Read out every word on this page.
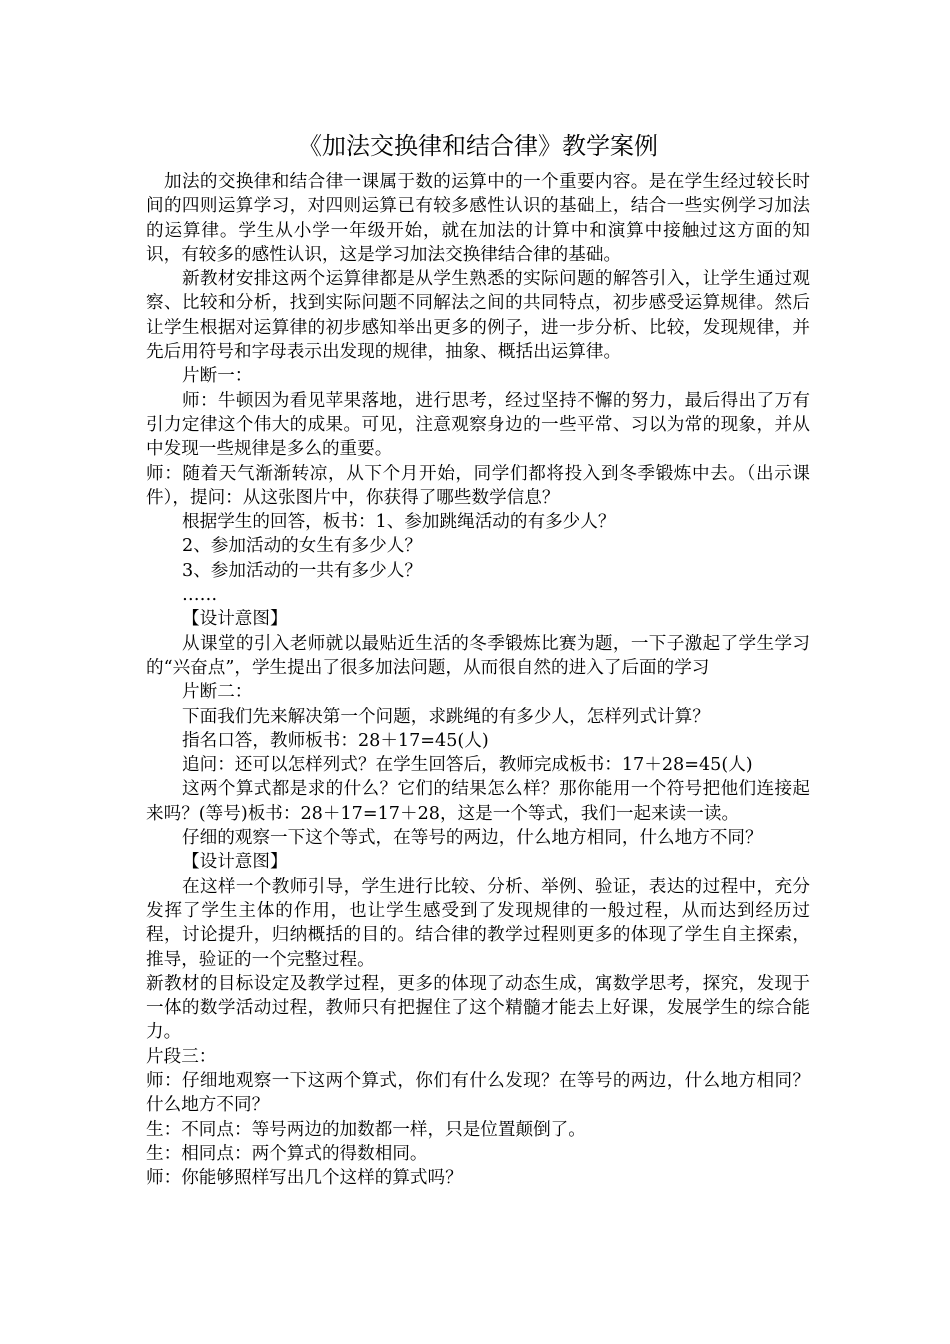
《加法交换律和结合律》教学案例

加法的交换律和结合律一课属于数的运算中的一个重要内容。是在学生经过较长时间的四则运算学习，对四则运算已有较多感性认识的基础上，结合一些实例学习加法的运算律。学生从小学一年级开始，就在加法的计算中和演算中接触过这方面的知识，有较多的感性认识，这是学习加法交换律结合律的基础。

新教材安排这两个运算律都是从学生熟悉的实际问题的解答引入，让学生通过观察、比较和分析，找到实际问题不同解法之间的共同特点，初步感受运算规律。然后让学生根据对运算律的初步感知举出更多的例子，进一步分析、比较，发现规律，并先后用符号和字母表示出发现的规律，抽象、概括出运算律。

片断一：

师：牛顿因为看见苹果落地，进行思考，经过坚持不懈的努力，最后得出了万有引力定律这个伟大的成果。可见，注意观察身边的一些平常、习以为常的现象，并从中发现一些规律是多么的重要。

师：随着天气渐渐转凉，从下个月开始，同学们都将投入到冬季锻炼中去。（出示课件），提问：从这张图片中，你获得了哪些数学信息？

根据学生的回答，板书：1、参加跳绳活动的有多少人？

2、参加活动的女生有多少人？

3、参加活动的一共有多少人？

……

【设计意图】

从课堂的引入老师就以最贴近生活的冬季锻炼比赛为题，一下子激起了学生学习的“兴奋点”，学生提出了很多加法问题，从而很自然的进入了后面的学习

片断二：

下面我们先来解决第一个问题，求跳绳的有多少人，怎样列式计算？

指名口答，教师板书：28＋17=45(人)

追问：还可以怎样列式？在学生回答后，教师完成板书：17＋28=45(人)

这两个算式都是求的什么？它们的结果怎么样？那你能用一个符号把他们连接起来吗？(等号)板书：28＋17=17＋28，这是一个等式，我们一起来读一读。

仔细的观察一下这个等式，在等号的两边，什么地方相同，什么地方不同？

【设计意图】

在这样一个教师引导，学生进行比较、分析、举例、验证，表达的过程中，充分发挥了学生主体的作用，也让学生感受到了发现规律的一般过程，从而达到经历过程，讨论提升，归纳概括的目的。结合律的教学过程则更多的体现了学生自主探索，推导，验证的一个完整过程。

新教材的目标设定及教学过程，更多的体现了动态生成，寓数学思考，探究，发现于一体的数学活动过程，教师只有把握住了这个精髓才能去上好课，发展学生的综合能力。

片段三：

师：仔细地观察一下这两个算式，你们有什么发现？在等号的两边，什么地方相同？什么地方不同？

生：不同点：等号两边的加数都一样，只是位置颠倒了。

生：相同点：两个算式的得数相同。

师：你能够照样写出几个这样的算式吗？
